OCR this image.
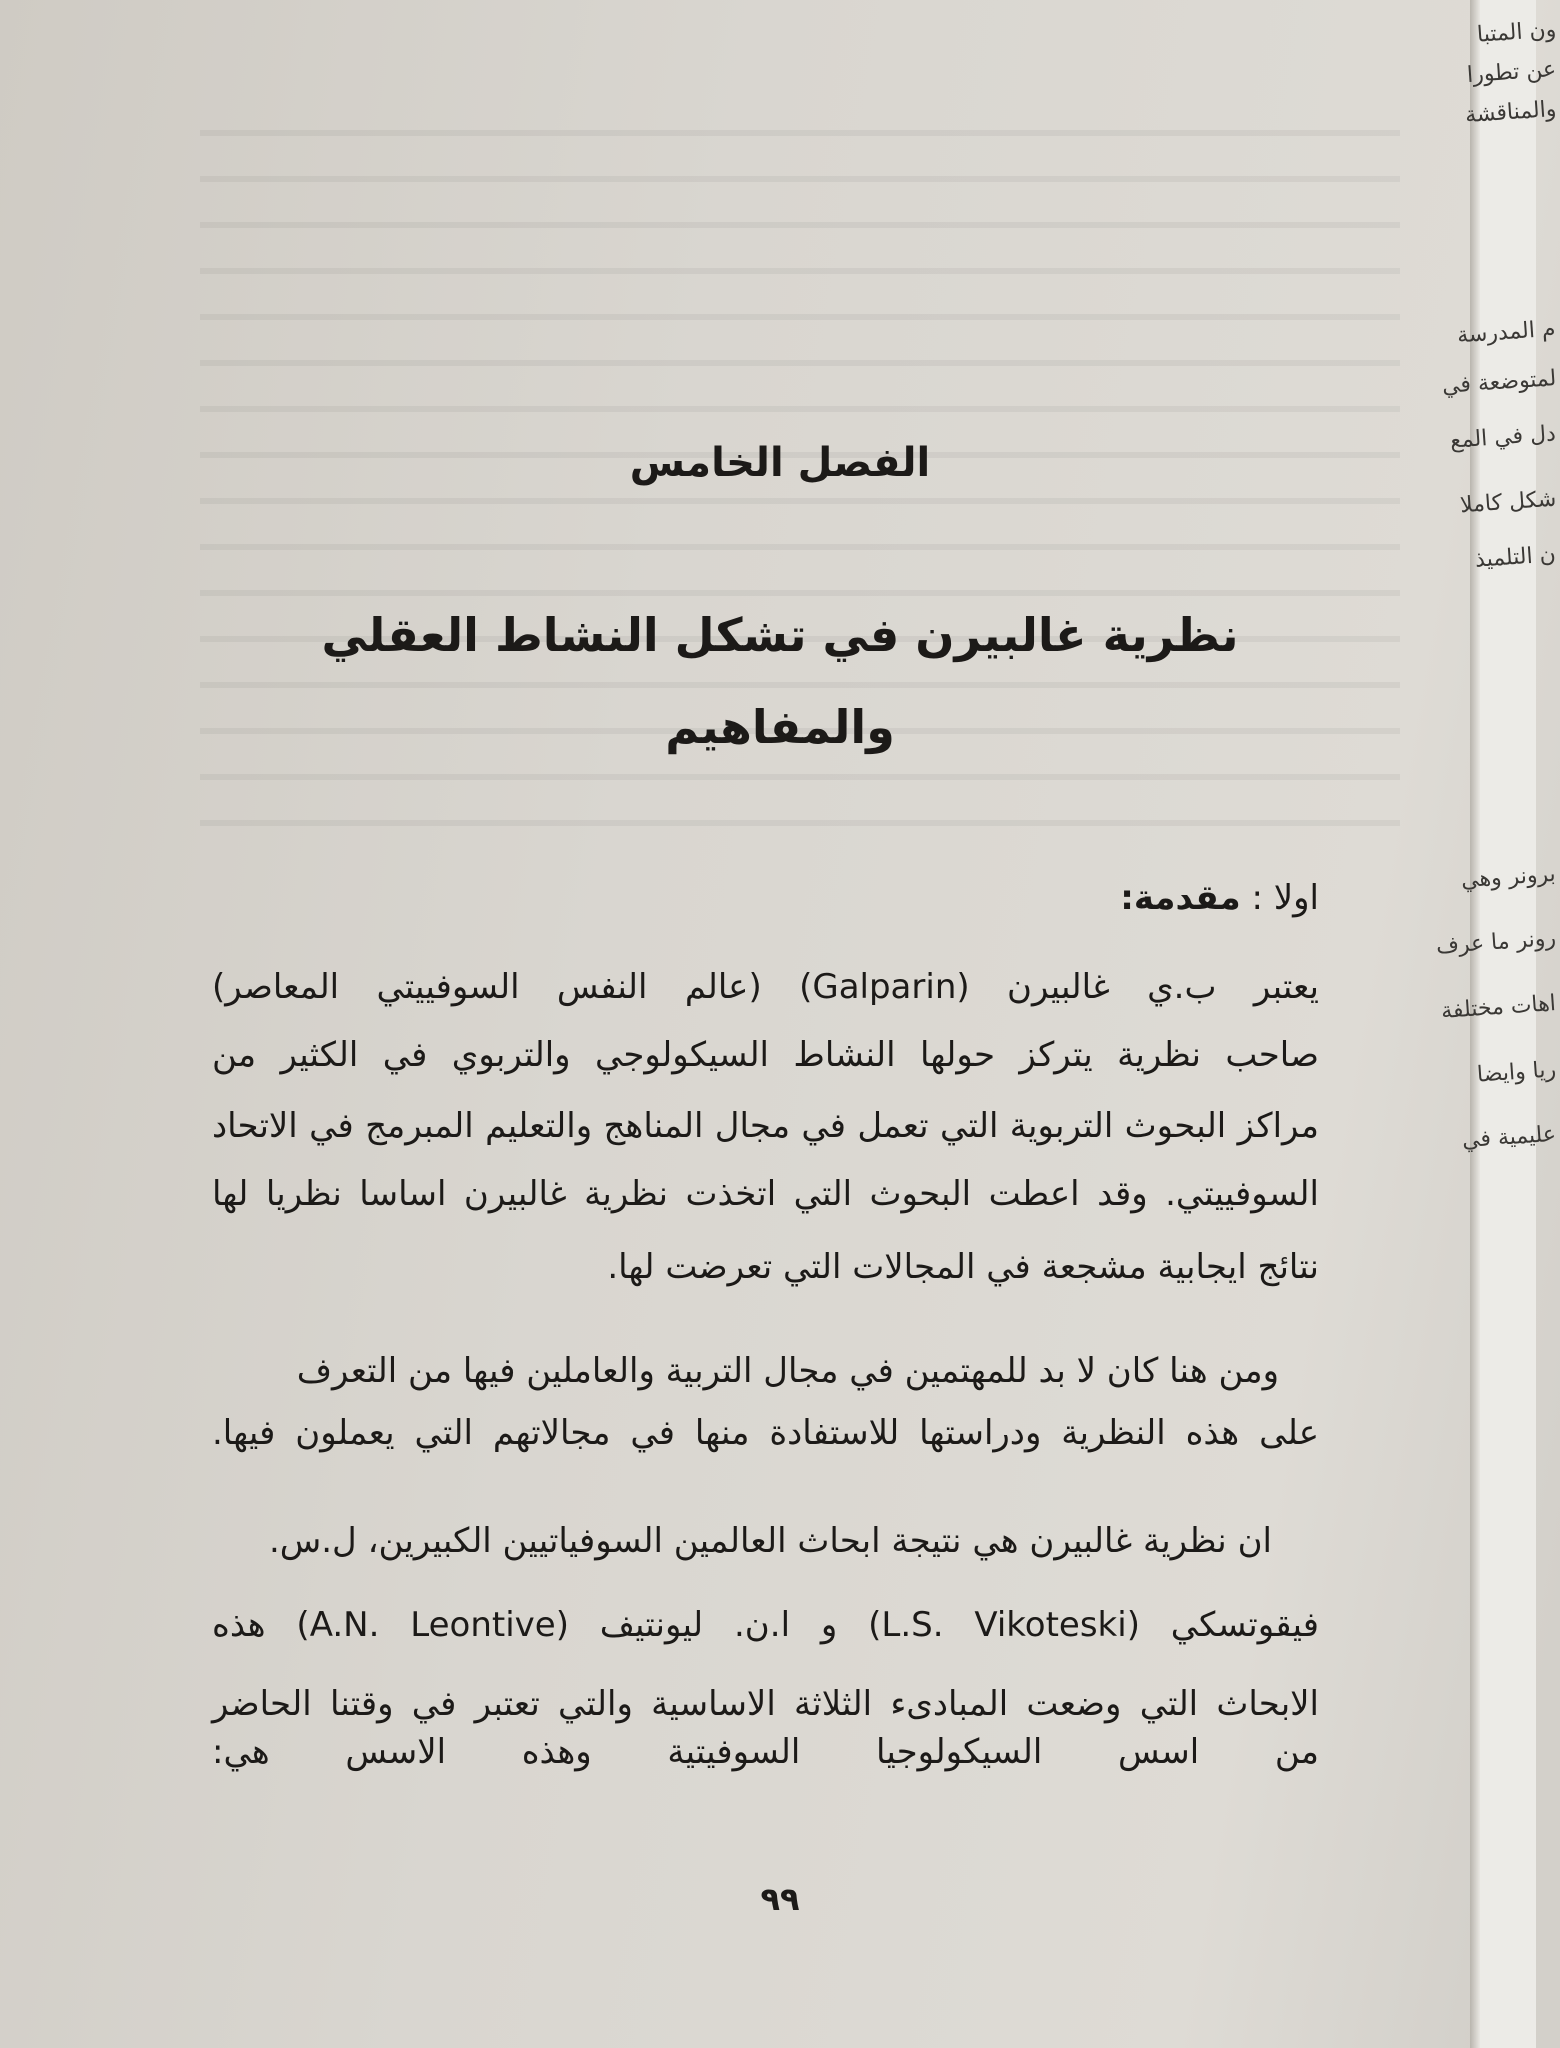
الفصل الخامس
نظرية غالبيرن في تشكل النشاط العقلي
والمفاهيم
اولا : مقدمة:
يعتبر ب.ي غالبيرن (Galparin) (عالم النفس السوفييتي المعاصر)
صاحب نظرية يتركز حولها النشاط السيكولوجي والتربوي في الكثير من
مراكز البحوث التربوية التي تعمل في مجال المناهج والتعليم المبرمج في الاتحاد
السوفييتي. وقد اعطت البحوث التي اتخذت نظرية غالبيرن اساسا نظريا لها
نتائج ايجابية مشجعة في المجالات التي تعرضت لها.
ومن هنا كان لا بد للمهتمين في مجال التربية والعاملين فيها من التعرف
على هذه النظرية ودراستها للاستفادة منها في مجالاتهم التي يعملون فيها.
ان نظرية غالبيرن هي نتيجة ابحاث العالمين السوفياتيين الكبيرين، ل.س.
فيقوتسكي (L.S. Vikoteski) و ا.ن. ليونتيف (A.N. Leontive) هذه
الابحاث التي وضعت المبادىء الثلاثة الاساسية والتي تعتبر في وقتنا الحاضر
من اسس السيكولوجيا السوفيتية وهذه الاسس هي:
٩٩
ون المتبا
عن تطورا
والمناقشة
م المدرسة
لمتوضعة في
دل في المع
شكل كاملا
ن التلميذ
برونر وهي
رونر ما عرف
اهات مختلفة
ريا وايضا
عليمية في
